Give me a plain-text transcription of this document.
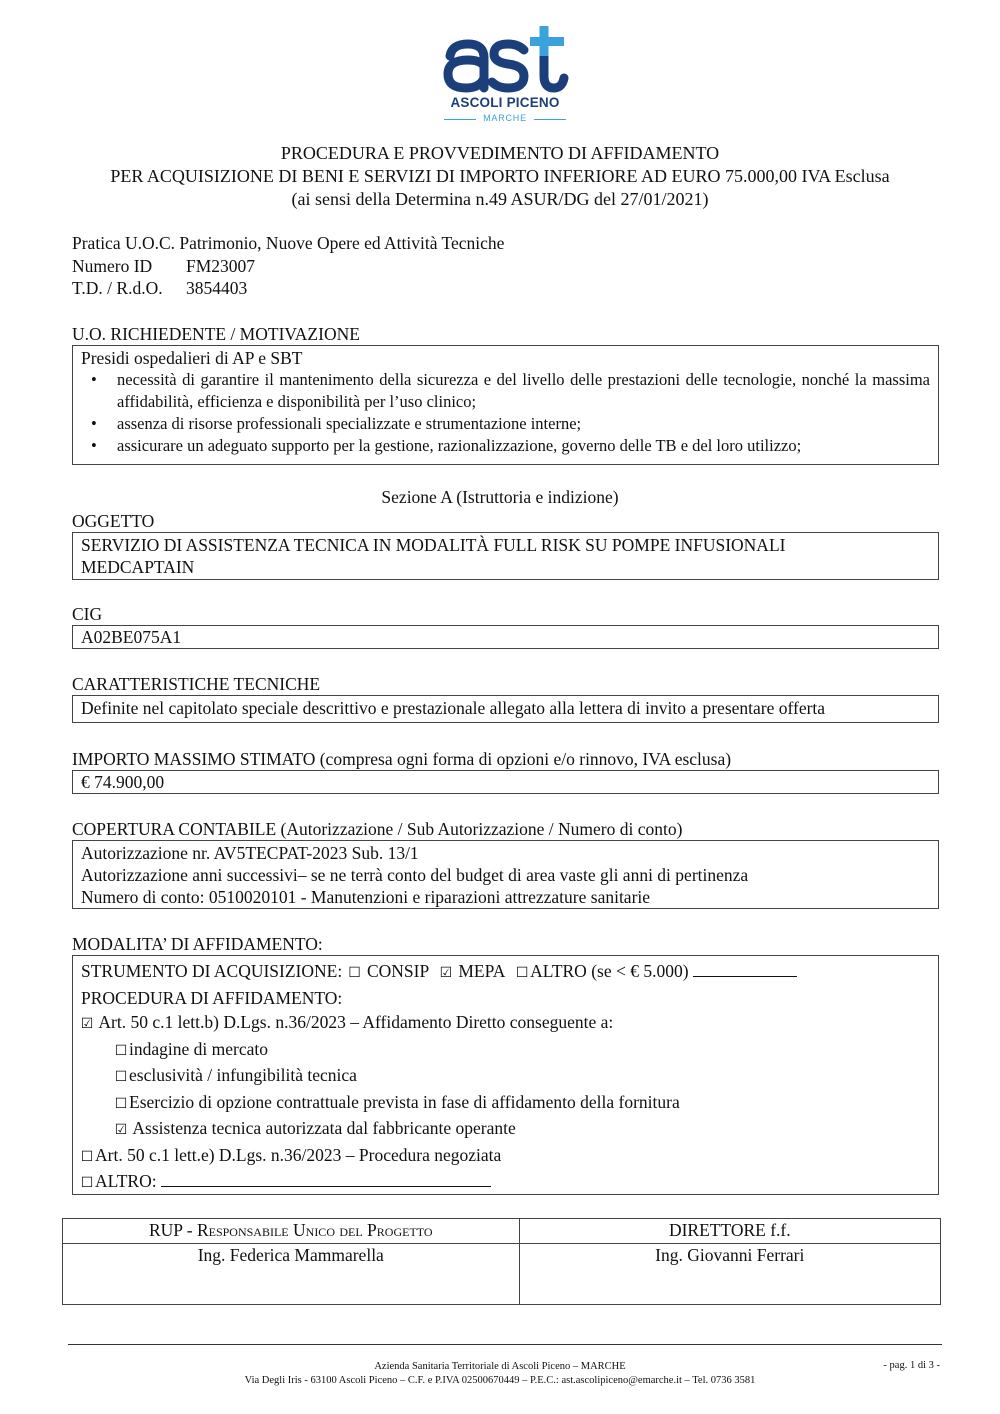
ASCOLI PICENO
MARCHE
PROCEDURA E PROVVEDIMENTO DI AFFIDAMENTO
PER ACQUISIZIONE DI BENI E SERVIZI DI IMPORTO INFERIORE AD EURO 75.000,00 IVA Esclusa
(ai sensi della Determina n.49 ASUR/DG del 27/01/2021)
Pratica U.O.C. Patrimonio, Nuove Opere ed Attività Tecniche
Numero ID FM23007
T.D. / R.d.O. 3854403
U.O. RICHIEDENTE / MOTIVAZIONE
Presidi ospedalieri di AP e SBT
• necessità di garantire il mantenimento della sicurezza e del livello delle prestazioni delle tecnologie, nonché la massima affidabilità, efficienza e disponibilità per l’uso clinico;
• assenza di risorse professionali specializzate e strumentazione interne;
• assicurare un adeguato supporto per la gestione, razionalizzazione, governo delle TB e del loro utilizzo;
Sezione A (Istruttoria e indizione)
OGGETTO
SERVIZIO DI ASSISTENZA TECNICA IN MODALITÀ FULL RISK SU POMPE INFUSIONALI MEDCAPTAIN
CIG
A02BE075A1
CARATTERISTICHE TECNICHE
Definite nel capitolato speciale descrittivo e prestazionale allegato alla lettera di invito a presentare offerta
IMPORTO MASSIMO STIMATO (compresa ogni forma di opzioni e/o rinnovo, IVA esclusa)
€ 74.900,00
COPERTURA CONTABILE (Autorizzazione / Sub Autorizzazione / Numero di conto)
Autorizzazione nr. AV5TECPAT-2023 Sub. 13/1
Autorizzazione anni successivi– se ne terrà conto del budget di area vaste gli anni di pertinenza
Numero di conto: 0510020101 - Manutenzioni e riparazioni attrezzature sanitarie
MODALITA’ DI AFFIDAMENTO:
STRUMENTO DI ACQUISIZIONE: ☐ CONSIP ☑ MEPA ☐ALTRO (se < € 5.000)
PROCEDURA DI AFFIDAMENTO:
☑ Art. 50 c.1 lett.b) D.Lgs. n.36/2023 – Affidamento Diretto conseguente a:
☐indagine di mercato
☐esclusività / infungibilità tecnica
☐Esercizio di opzione contrattuale prevista in fase di affidamento della fornitura
☑ Assistenza tecnica autorizzata dal fabbricante operante
☐Art. 50 c.1 lett.e) D.Lgs. n.36/2023 – Procedura negoziata
☐ALTRO:
RUP - Responsabile Unico del Progetto	DIRETTORE f.f.
Ing. Federica Mammarella	Ing. Giovanni Ferrari
Azienda Sanitaria Territoriale di Ascoli Piceno – MARCHE
Via Degli Iris - 63100 Ascoli Piceno – C.F. e P.IVA 02500670449 – P.E.C.: ast.ascolipiceno@emarche.it – Tel. 0736 3581
- pag. 1 di 3 -
